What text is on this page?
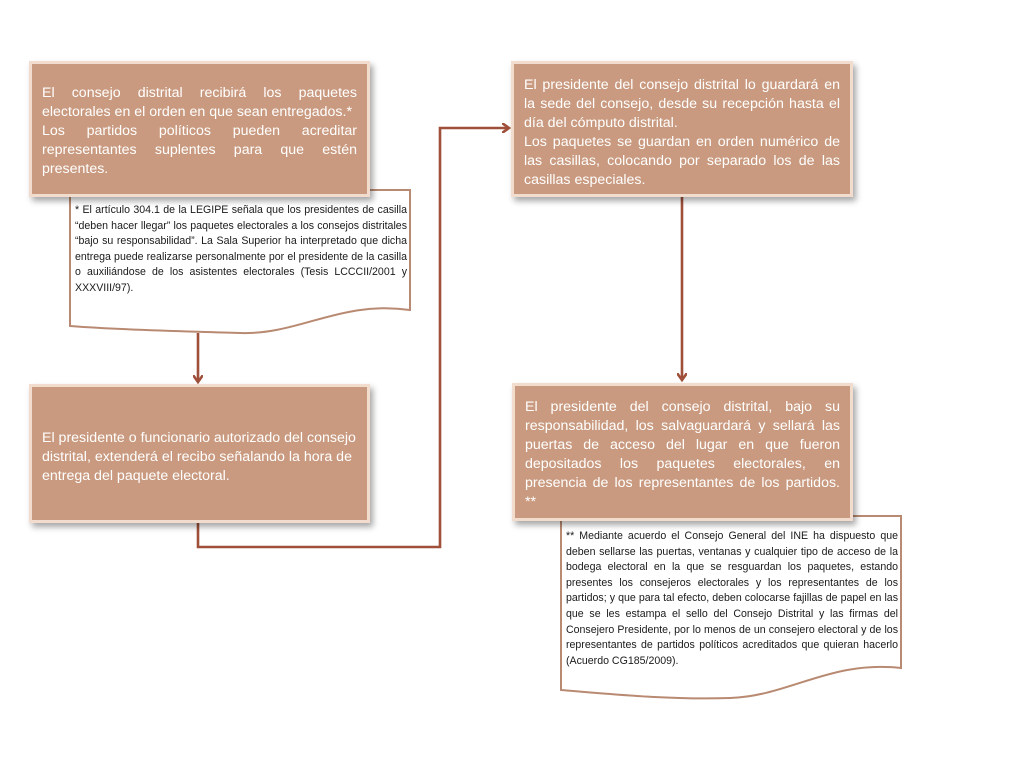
El consejo distrital recibirá los paquetes electorales en el orden en que sean entregados.*

Los partidos políticos pueden acreditar representantes suplentes para que estén presentes.

* El artículo 304.1 de la LEGIPE señala que los presidentes de casilla “deben hacer llegar” los paquetes electorales a los consejos distritales “bajo su responsabilidad”. La Sala Superior ha interpretado que dicha entrega puede realizarse personalmente por el presidente de la casilla o auxiliándose de los asistentes electorales (Tesis LCCCII/2001 y XXXVIII/97).

El presidente o funcionario autorizado del consejo distrital, extenderá el recibo señalando la hora de entrega del paquete electoral.

El presidente del consejo distrital lo guardará en la sede del consejo, desde su recepción hasta el día del cómputo distrital.

Los paquetes se guardan en orden numérico de las casillas, colocando por separado los de las casillas especiales.

El presidente del consejo distrital, bajo su responsabilidad, los salvaguardará y sellará las puertas de acceso del lugar en que fueron depositados los paquetes electorales, en presencia de los representantes de los partidos. **

** Mediante acuerdo el Consejo General del INE ha dispuesto que deben sellarse las puertas, ventanas y cualquier tipo de acceso de la bodega electoral en la que se resguardan los paquetes, estando presentes los consejeros electorales y los representantes de los partidos; y que para tal efecto, deben colocarse fajillas de papel en las que se les estampa el sello del Consejo Distrital y las firmas del Consejero Presidente, por lo menos de un consejero electoral y de los representantes de partidos políticos acreditados que quieran hacerlo (Acuerdo CG185/2009).
